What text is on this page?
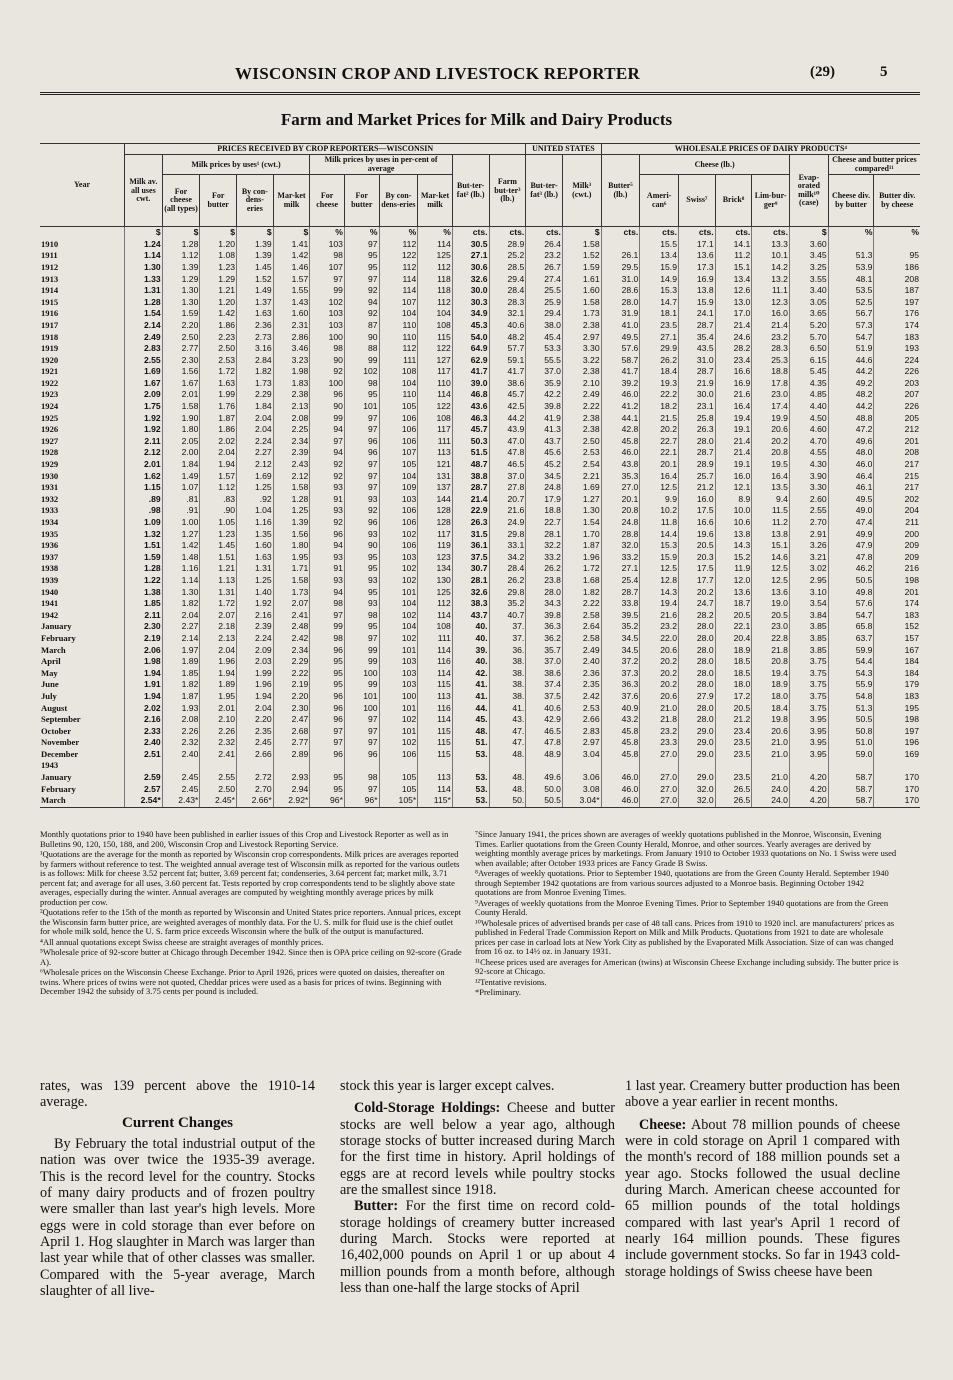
WISCONSIN CROP AND LIVESTOCK REPORTER	(29)	5
Farm and Market Prices for Milk and Dairy Products
Year	PRICES RECEIVED BY CROP REPORTERS—WISCONSIN											UNITED STATES		WHOLESALE PRICES OF DAIRY PRODUCTS⁴							
	Milk av. all uses cwt.	Milk prices by uses¹ (cwt.)				Milk prices by uses in per-cent of average				But-ter-fat² (lb.)	Farm but-ter³ (lb.)	But-ter-fat³ (lb.)	Milk³ (cwt.)	Butter⁵ (lb.)	Cheese (lb.)				Evap-orated milk¹⁰ (case)	Cheese and butter prices compared¹¹	
		For cheese (all types)	For butter	By con-dens-eries	Mar-ket milk	For cheese	For butter	By con-dens-eries	Mar-ket milk						Ameri-can⁶	Swiss⁷	Brick⁸	Lim-bur-ger⁹		Cheese div. by butter	Butter div. by cheese
	$	$	$	$	$	%	%	%	%	cts.	cts.	cts.	$	cts.	cts.	cts.	cts.	cts.	$	%	%
1910	1.24	1.28	1.20	1.39	1.41	103	97	112	114	30.5	28.9	26.4	1.58		15.5	17.1	14.1	13.3	3.60		
1911	1.14	1.12	1.08	1.39	1.42	98	95	122	125	27.1	25.2	23.2	1.52	26.1	13.4	13.6	11.2	10.1	3.45	51.3	95
1912	1.30	1.39	1.23	1.45	1.46	107	95	112	112	30.6	28.5	26.7	1.59	29.5	15.9	17.3	15.1	14.2	3.25	53.9	186
1913	1.33	1.29	1.29	1.52	1.57	97	97	114	118	32.6	29.4	27.4	1.61	31.0	14.9	16.9	13.4	13.2	3.55	48.1	208
1914	1.31	1.30	1.21	1.49	1.55	99	92	114	118	30.0	28.4	25.5	1.60	28.6	15.3	13.8	12.6	11.1	3.40	53.5	187
1915	1.28	1.30	1.20	1.37	1.43	102	94	107	112	30.3	28.3	25.9	1.58	28.0	14.7	15.9	13.0	12.3	3.05	52.5	197
1916	1.54	1.59	1.42	1.63	1.60	103	92	104	104	34.9	32.1	29.4	1.73	31.9	18.1	24.1	17.0	16.0	3.65	56.7	176
1917	2.14	2.20	1.86	2.36	2.31	103	87	110	108	45.3	40.6	38.0	2.38	41.0	23.5	28.7	21.4	21.4	5.20	57.3	174
1918	2.49	2.50	2.23	2.73	2.86	100	90	110	115	54.0	48.2	45.4	2.97	49.5	27.1	35.4	24.6	23.2	5.70	54.7	183
1919	2.83	2.77	2.50	3.16	3.46	98	88	112	122	64.9	57.7	53.3	3.30	57.6	29.9	43.5	28.2	28.3	6.50	51.9	193
1920	2.55	2.30	2.53	2.84	3.23	90	99	111	127	62.9	59.1	55.5	3.22	58.7	26.2	31.0	23.4	25.3	6.15	44.6	224
1921	1.69	1.56	1.72	1.82	1.98	92	102	108	117	41.7	41.7	37.0	2.38	41.7	18.4	28.7	16.6	18.8	5.45	44.2	226
1922	1.67	1.67	1.63	1.73	1.83	100	98	104	110	39.0	38.6	35.9	2.10	39.2	19.3	21.9	16.9	17.8	4.35	49.2	203
1923	2.09	2.01	1.99	2.29	2.38	96	95	110	114	46.8	45.7	42.2	2.49	46.0	22.2	30.0	21.6	23.0	4.85	48.2	207
1924	1.75	1.58	1.76	1.84	2.13	90	101	105	122	43.6	42.5	39.8	2.22	41.2	18.2	23.1	16.4	17.4	4.40	44.2	226
1925	1.92	1.90	1.87	2.04	2.08	99	97	106	108	46.3	44.2	41.9	2.38	44.1	21.5	25.8	19.4	19.9	4.50	48.8	205
1926	1.92	1.80	1.86	2.04	2.25	94	97	106	117	45.7	43.9	41.3	2.38	42.8	20.2	26.3	19.1	20.6	4.60	47.2	212
1927	2.11	2.05	2.02	2.24	2.34	97	96	106	111	50.3	47.0	43.7	2.50	45.8	22.7	28.0	21.4	20.2	4.70	49.6	201
1928	2.12	2.00	2.04	2.27	2.39	94	96	107	113	51.5	47.8	45.6	2.53	46.0	22.1	28.7	21.4	20.8	4.55	48.0	208
1929	2.01	1.84	1.94	2.12	2.43	92	97	105	121	48.7	46.5	45.2	2.54	43.8	20.1	28.9	19.1	19.5	4.30	46.0	217
1930	1.62	1.49	1.57	1.69	2.12	92	97	104	131	38.8	37.0	34.5	2.21	35.3	16.4	25.7	16.0	16.4	3.90	46.4	215
1931	1.15	1.07	1.12	1.25	1.58	93	97	109	137	28.7	27.8	24.8	1.69	27.0	12.5	21.2	12.1	13.5	3.30	46.1	217
1932	.89	.81	.83	.92	1.28	91	93	103	144	21.4	20.7	17.9	1.27	20.1	9.9	16.0	8.9	9.4	2.60	49.5	202
1933	.98	.91	.90	1.04	1.25	93	92	106	128	22.9	21.6	18.8	1.30	20.8	10.2	17.5	10.0	11.5	2.55	49.0	204
1934	1.09	1.00	1.05	1.16	1.39	92	96	106	128	26.3	24.9	22.7	1.54	24.8	11.8	16.6	10.6	11.2	2.70	47.4	211
1935	1.32	1.27	1.23	1.35	1.56	96	93	102	117	31.5	29.8	28.1	1.70	28.8	14.4	19.6	13.8	13.8	2.91	49.9	200
1936	1.51	1.42	1.45	1.60	1.80	94	90	106	119	36.1	33.1	32.2	1.87	32.0	15.3	20.5	14.3	15.1	3.26	47.9	209
1937	1.59	1.48	1.51	1.63	1.95	93	95	103	123	37.5	34.2	33.2	1.96	33.2	15.9	20.3	15.2	14.6	3.21	47.8	209
1938	1.28	1.16	1.21	1.31	1.71	91	95	102	134	30.7	28.4	26.2	1.72	27.1	12.5	17.5	11.9	12.5	3.02	46.2	216
1939	1.22	1.14	1.13	1.25	1.58	93	93	102	130	28.1	26.2	23.8	1.68	25.4	12.8	17.7	12.0	12.5	2.95	50.5	198
1940	1.38	1.30	1.31	1.40	1.73	94	95	101	125	32.6	29.8	28.0	1.82	28.7	14.3	20.2	13.6	13.6	3.10	49.8	201
1941	1.85	1.82	1.72	1.92	2.07	98	93	104	112	38.3	35.2	34.3	2.22	33.8	19.4	24.7	18.7	19.0	3.54	57.6	174
1942	2.11	2.04	2.07	2.16	2.41	97	98	102	114	43.7	40.7	39.8	2.58	39.5	21.6	28.2	20.5	20.5	3.84	54.7	183
January	2.30	2.27	2.18	2.39	2.48	99	95	104	108	40.	37.	36.3	2.64	35.2	23.2	28.0	22.1	23.0	3.85	65.8	152
February	2.19	2.14	2.13	2.24	2.42	98	97	102	111	40.	37.	36.2	2.58	34.5	22.0	28.0	20.4	22.8	3.85	63.7	157
March	2.06	1.97	2.04	2.09	2.34	96	99	101	114	39.	36.	35.7	2.49	34.5	20.6	28.0	18.9	21.8	3.85	59.9	167
April	1.98	1.89	1.96	2.03	2.29	95	99	103	116	40.	38.	37.0	2.40	37.2	20.2	28.0	18.5	20.8	3.75	54.4	184
May	1.94	1.85	1.94	1.99	2.22	95	100	103	114	42.	38.	38.6	2.36	37.3	20.2	28.0	18.5	19.4	3.75	54.3	184
June	1.91	1.82	1.89	1.96	2.19	95	99	103	115	41.	38.	37.4	2.35	36.3	20.2	28.0	18.0	18.9	3.75	55.9	179
July	1.94	1.87	1.95	1.94	2.20	96	101	100	113	41.	38.	37.5	2.42	37.6	20.6	27.9	17.2	18.0	3.75	54.8	183
August	2.02	1.93	2.01	2.04	2.30	96	100	101	116	44.	41.	40.6	2.53	40.9	21.0	28.0	20.5	18.4	3.75	51.3	195
September	2.16	2.08	2.10	2.20	2.47	96	97	102	114	45.	43.	42.9	2.66	43.2	21.8	28.0	21.2	19.8	3.95	50.5	198
October	2.33	2.26	2.26	2.35	2.68	97	97	101	115	48.	47.	46.5	2.83	45.8	23.2	29.0	23.4	20.6	3.95	50.8	197
November	2.40	2.32	2.32	2.45	2.77	97	97	102	115	51.	47.	47.8	2.97	45.8	23.3	29.0	23.5	21.0	3.95	51.0	196
December	2.51	2.40	2.41	2.66	2.89	96	96	106	115	53.	48.	48.9	3.04	45.8	27.0	29.0	23.5	21.0	3.95	59.0	169
1943																					
January	2.59	2.45	2.55	2.72	2.93	95	98	105	113	53.	48.	49.6	3.06	46.0	27.0	29.0	23.5	21.0	4.20	58.7	170
February	2.57	2.45	2.50	2.70	2.94	95	97	105	114	53.	48.	50.0	3.08	46.0	27.0	32.0	26.5	24.0	4.20	58.7	170
March	2.54*	2.43*	2.45*	2.66*	2.92*	96*	96*	105*	115*	53.	50.	50.5	3.04*	46.0	27.0	32.0	26.5	24.0	4.20	58.7	170

Monthly quotations prior to 1940 have been published in earlier issues of this Crop and Livestock Reporter as well as in Bulletins 90, 120, 150, 188, and 200, Wisconsin Crop and Livestock Reporting Service.

¹Quotations are the average for the month as reported by Wisconsin crop correspondents. Milk prices are averages reported by farmers without reference to test. The weighted annual average test of Wisconsin milk as reported for the various outlets is as follows: Milk for cheese 3.52 percent fat; butter, 3.69 percent fat; condenseries, 3.64 percent fat; market milk, 3.71 percent fat; and average for all uses, 3.60 percent fat. Tests reported by crop correspondents tend to be slightly above state averages, especially during the winter. Annual averages are computed by weighting monthly average prices by milk production per cow.

²Quotations refer to the 15th of the month as reported by Wisconsin and United States price reporters. Annual prices, except the Wisconsin farm butter price, are weighted averages of monthly data. For the U. S. milk for fluid use is the chief outlet for whole milk sold, hence the U. S. farm price exceeds Wisconsin where the bulk of the output is manufactured.

⁴All annual quotations except Swiss cheese are straight averages of monthly prices.

⁵Wholesale price of 92-score butter at Chicago through December 1942. Since then is OPA price ceiling on 92-score (Grade A).

⁶Wholesale prices on the Wisconsin Cheese Exchange. Prior to April 1926, prices were quoted on daisies, thereafter on twins. Where prices of twins were not quoted, Cheddar prices were used as a basis for prices of twins. Beginning with December 1942 the subsidy of 3.75 cents per pound is included.

⁷Since January 1941, the prices shown are averages of weekly quotations published in the Monroe, Wisconsin, Evening Times. Earlier quotations from the Green County Herald, Monroe, and other sources. Yearly averages are derived by weighting monthly average prices by marketings. From January 1910 to October 1933 quotations on No. 1 Swiss were used when available; after October 1933 prices are Fancy Grade B Swiss.

⁸Averages of weekly quotations. Prior to September 1940, quotations are from the Green County Herald. September 1940 through September 1942 quotations are from various sources adjusted to a Monroe basis. Beginning October 1942 quotations are from Monroe Evening Times.

⁹Averages of weekly quotations from the Monroe Evening Times. Prior to September 1940 quotations are from the Green County Herald.

¹⁰Wholesale prices of advertised brands per case of 48 tall cans. Prices from 1910 to 1920 incl. are manufacturers' prices as published in Federal Trade Commission Report on Milk and Milk Products. Quotations from 1921 to date are wholesale prices per case in carload lots at New York City as published by the Evaporated Milk Association. Size of can was changed from 16 oz. to 14½ oz. in January 1931.

¹¹Cheese prices used are averages for American (twins) at Wisconsin Cheese Exchange including subsidy. The butter price is 92-score at Chicago.

¹²Tentative revisions.

*Preliminary.

rates, was 139 percent above the 1910-14 average.

Current Changes

By February the total industrial output of the nation was over twice the 1935-39 average. This is the record level for the country. Stocks of many dairy products and of frozen poultry were smaller than last year's high levels. More eggs were in cold storage than ever before on April 1. Hog slaughter in March was larger than last year while that of other classes was smaller. Compared with the 5-year average, March slaughter of all live-

stock this year is larger except calves.

Cold-Storage Holdings: Cheese and butter stocks are well below a year ago, although storage stocks of butter increased during March for the first time in history. April holdings of eggs are at record levels while poultry stocks are the smallest since 1918.

Butter: For the first time on record cold-storage holdings of creamery butter increased during March. Stocks were reported at 16,402,000 pounds on April 1 or up about 4 million pounds from a month before, although less than one-half the large stocks of April

1 last year. Creamery butter production has been above a year earlier in recent months.

Cheese: About 78 million pounds of cheese were in cold storage on April 1 compared with the month's record of 188 million pounds set a year ago. Stocks followed the usual decline during March. American cheese accounted for 65 million pounds of the total holdings compared with last year's April 1 record of nearly 164 million pounds. These figures include government stocks. So far in 1943 cold-storage holdings of Swiss cheese have been
